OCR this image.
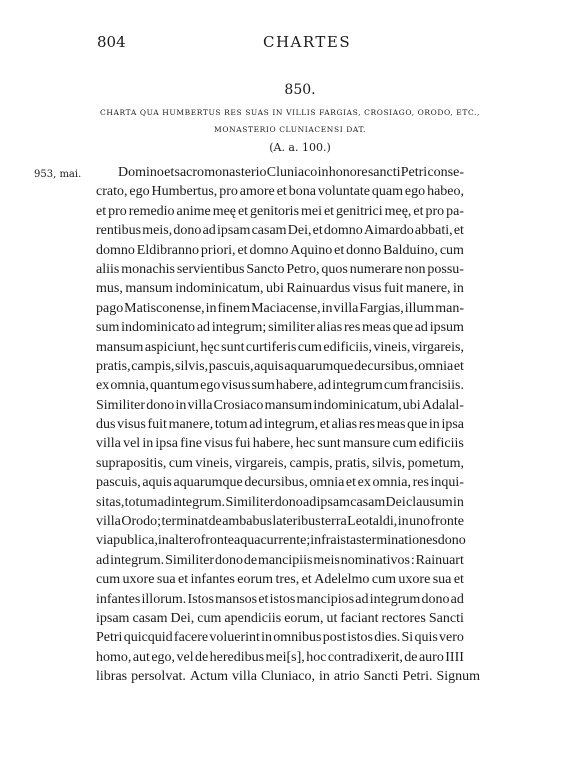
804	CHARTES
850.
CHARTA QUA HUMBERTUS RES SUAS IN VILLIS FARGIAS, CROSIAGO, ORODO, ETC.,
MONASTERIO CLUNIACENSI DAT.
(A. a. 100.)
953, mai.	Domino et sacro monasterio Cluniaco in honore sancti Petri conse-
crato, ego Humbertus, pro amore et bona voluntate quam ego habeo,
et pro remedio anime meę et genitoris mei et genitrici meę, et pro pa-
rentibus meis, dono ad ipsam casam Dei, et domno Aimardo abbati, et
domno Eldibranno priori, et domno Aquino et donno Balduino, cum
aliis monachis servientibus Sancto Petro, quos numerare non possu-
mus, mansum indominicatum, ubi Rainuardus visus fuit manere, in
pago Matisconense, in finem Maciacense, in villa Fargias, illum man-
sum indominicato ad integrum; similiter alias res meas que ad ipsum
mansum aspiciunt, hęc sunt curtiferis cum edificiis, vineis, virgareis,
pratis, campis, silvis, pascuis, aquis aquarumque decursibus, omnia et
ex omnia, quantum ego visus sum habere, ad integrum cum francisiis.
Similiter dono in villa Crosiaco mansum indominicatum, ubi Adalal-
dus visus fuit manere, totum ad integrum, et alias res meas que in ipsa
villa vel in ipsa fine visus fui habere, hec sunt mansure cum edificiis
suprapositis, cum vineis, virgareis, campis, pratis, silvis, pometum,
pascuis, aquis aquarumque decursibus, omnia et ex omnia, res inqui-
sitas, totum ad integrum. Similiter dono ad ipsam casam Dei clausum in
villa Orodo; terminat de ambabus lateribus terra Leotaldi, in uno fronte
via publica, in altero fronte aqua currente; infra istas terminationes dono
ad integrum. Similiter dono de mancipiis meis nominativos : Rainuart
cum uxore sua et infantes eorum tres, et Adelelmo cum uxore sua et
infantes illorum. Istos mansos et istos mancipios ad integrum dono ad
ipsam casam Dei, cum apendiciis eorum, ut faciant rectores Sancti
Petri quicquid facere voluerint in omnibus post istos dies. Si quis vero
homo, aut ego, vel de heredibus mei[s], hoc contradixerit, de auro IIII
libras persolvat. Actum villa Cluniaco, in atrio Sancti Petri. Signum
